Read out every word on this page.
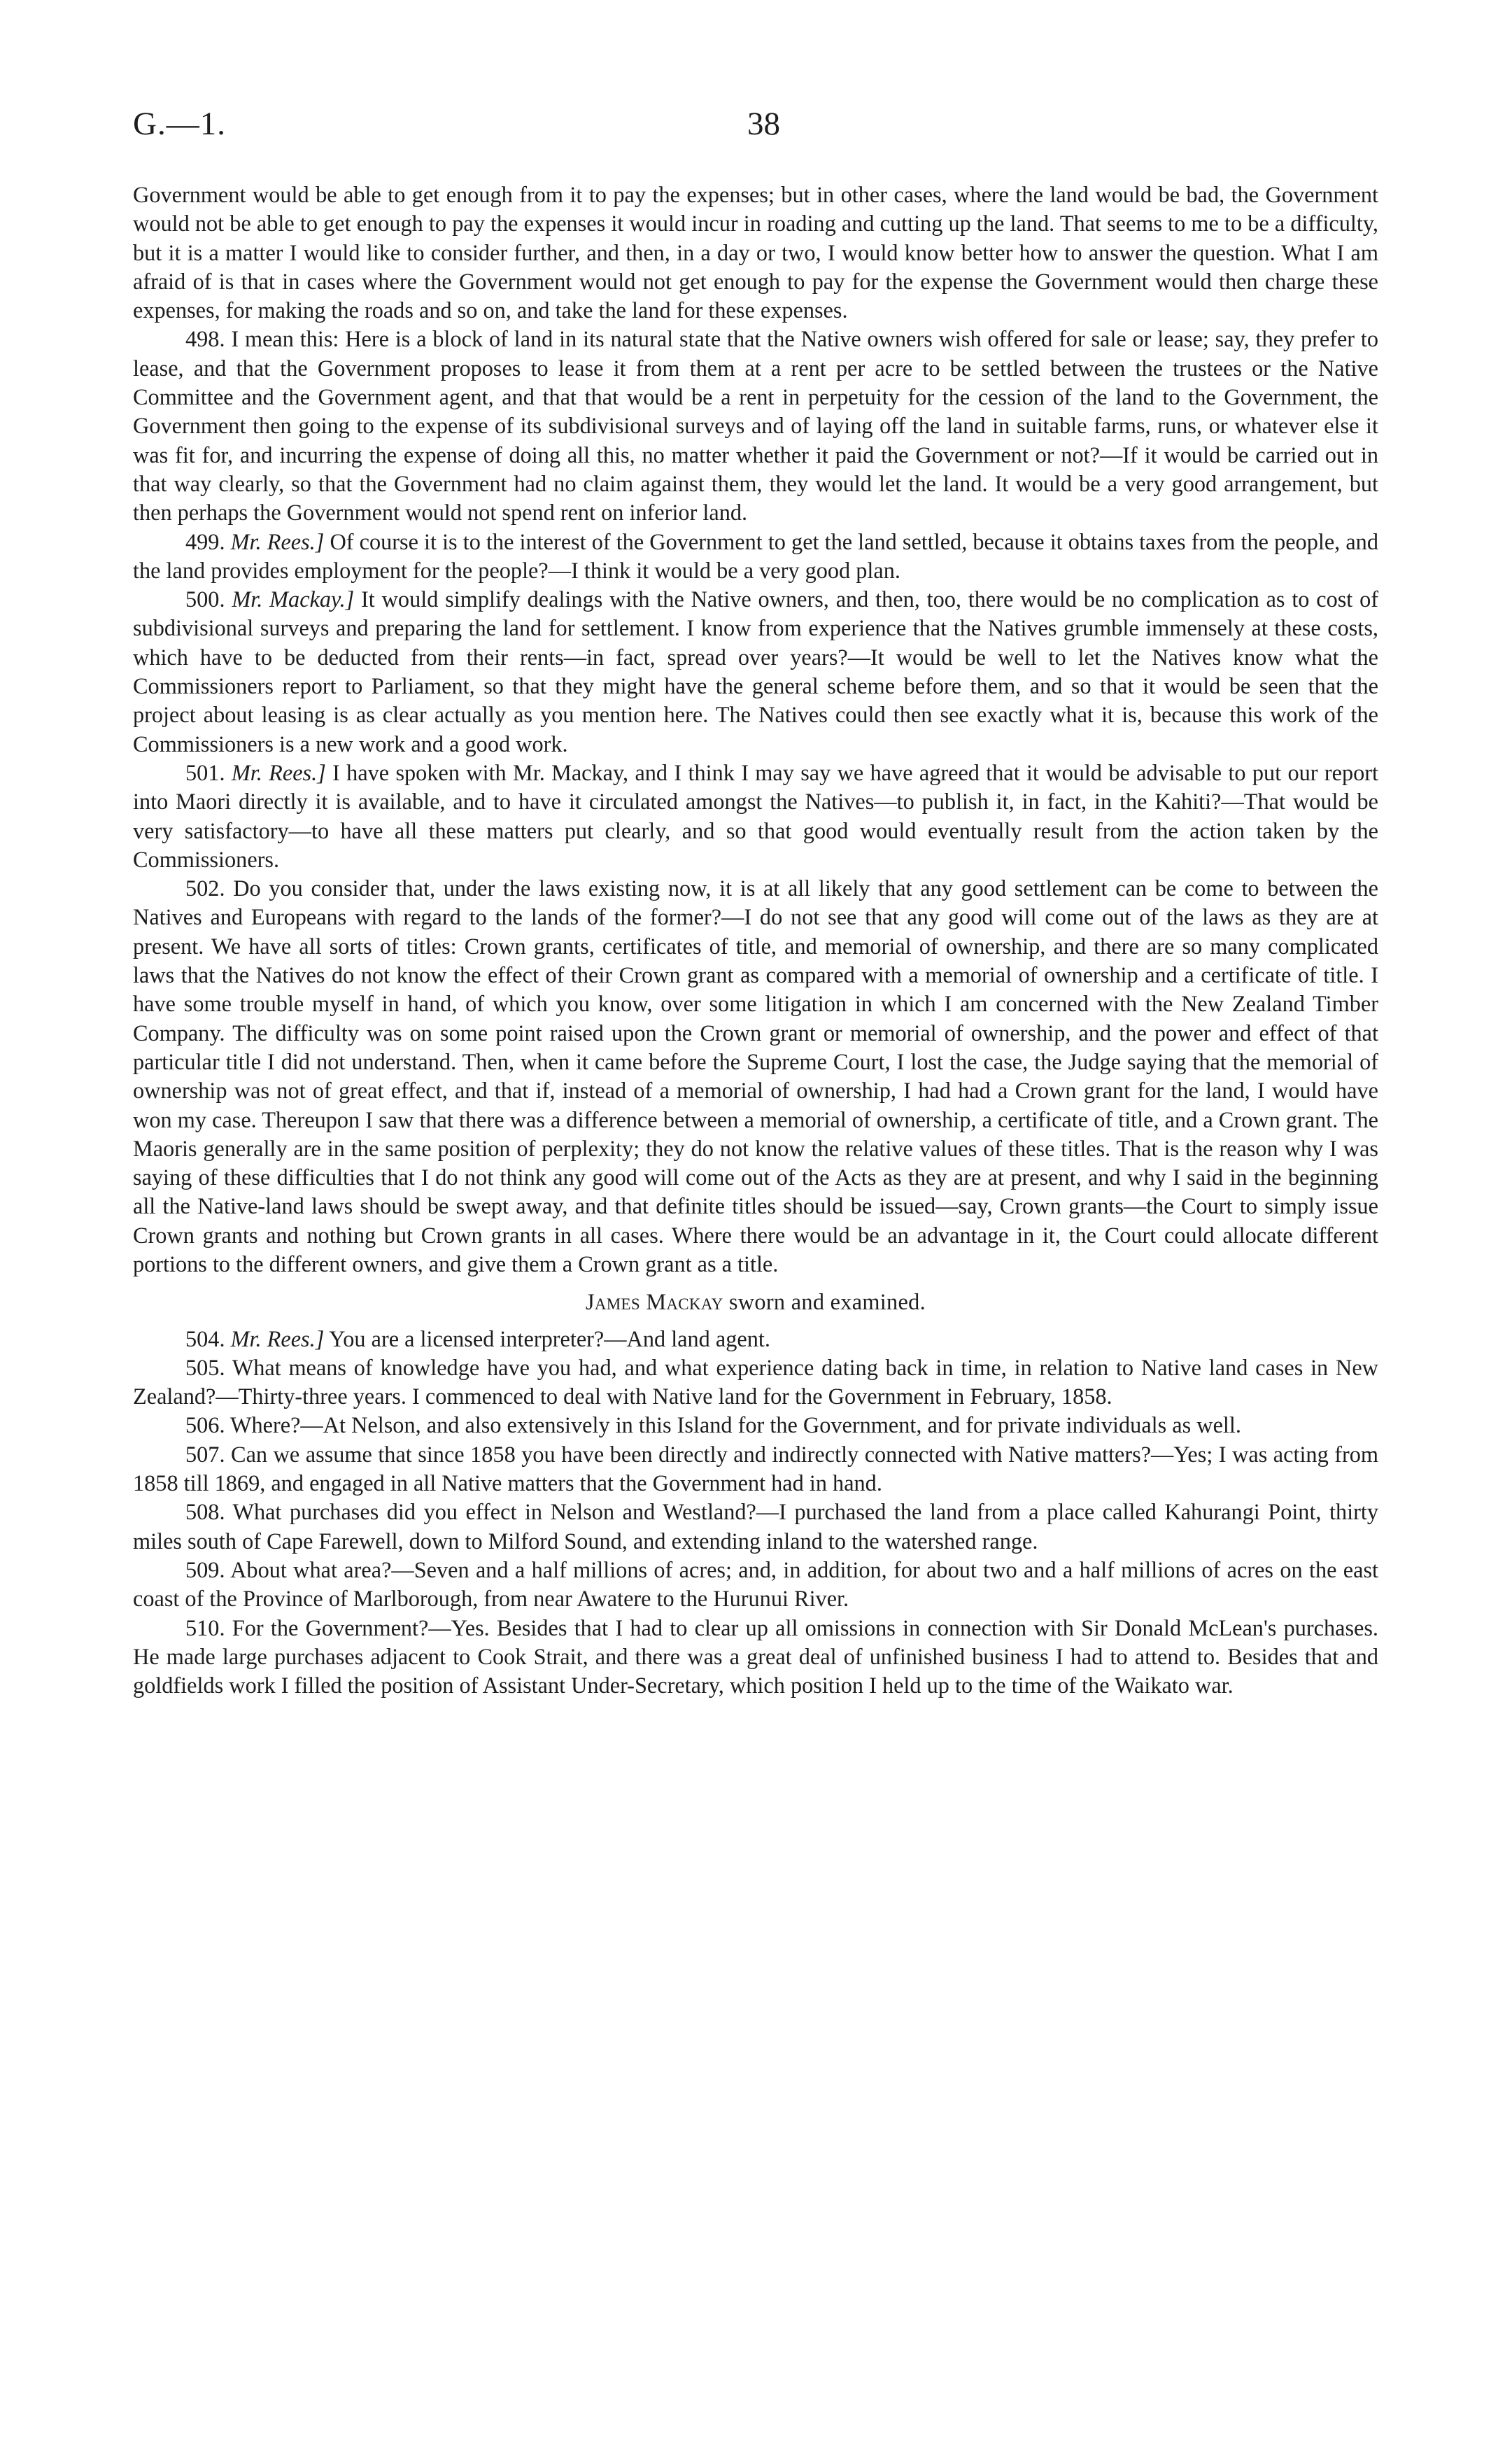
G.—1.	38

Government would be able to get enough from it to pay the expenses; but in other cases, where the land would be bad, the Government would not be able to get enough to pay the expenses it would incur in roading and cutting up the land. That seems to me to be a difficulty, but it is a matter I would like to consider further, and then, in a day or two, I would know better how to answer the question. What I am afraid of is that in cases where the Government would not get enough to pay for the expense the Government would then charge these expenses, for making the roads and so on, and take the land for these expenses.

498. I mean this: Here is a block of land in its natural state that the Native owners wish offered for sale or lease; say, they prefer to lease, and that the Government proposes to lease it from them at a rent per acre to be settled between the trustees or the Native Committee and the Government agent, and that that would be a rent in perpetuity for the cession of the land to the Government, the Government then going to the expense of its subdivisional surveys and of laying off the land in suitable farms, runs, or whatever else it was fit for, and incurring the expense of doing all this, no matter whether it paid the Government or not?—If it would be carried out in that way clearly, so that the Government had no claim against them, they would let the land. It would be a very good arrangement, but then perhaps the Government would not spend rent on inferior land.

499. Mr. Rees.] Of course it is to the interest of the Government to get the land settled, because it obtains taxes from the people, and the land provides employment for the people?—I think it would be a very good plan.

500. Mr. Mackay.] It would simplify dealings with the Native owners, and then, too, there would be no complication as to cost of subdivisional surveys and preparing the land for settlement. I know from experience that the Natives grumble immensely at these costs, which have to be deducted from their rents—in fact, spread over years?—It would be well to let the Natives know what the Commissioners report to Parliament, so that they might have the general scheme before them, and so that it would be seen that the project about leasing is as clear actually as you mention here. The Natives could then see exactly what it is, because this work of the Commissioners is a new work and a good work.

501. Mr. Rees.] I have spoken with Mr. Mackay, and I think I may say we have agreed that it would be advisable to put our report into Maori directly it is available, and to have it circulated amongst the Natives—to publish it, in fact, in the Kahiti?—That would be very satisfactory—to have all these matters put clearly, and so that good would eventually result from the action taken by the Commissioners.

502. Do you consider that, under the laws existing now, it is at all likely that any good settlement can be come to between the Natives and Europeans with regard to the lands of the former?—I do not see that any good will come out of the laws as they are at present. We have all sorts of titles: Crown grants, certificates of title, and memorial of ownership, and there are so many complicated laws that the Natives do not know the effect of their Crown grant as compared with a memorial of ownership and a certificate of title. I have some trouble myself in hand, of which you know, over some litigation in which I am concerned with the New Zealand Timber Company. The difficulty was on some point raised upon the Crown grant or memorial of ownership, and the power and effect of that particular title I did not understand. Then, when it came before the Supreme Court, I lost the case, the Judge saying that the memorial of ownership was not of great effect, and that if, instead of a memorial of ownership, I had had a Crown grant for the land, I would have won my case. Thereupon I saw that there was a difference between a memorial of ownership, a certificate of title, and a Crown grant. The Maoris generally are in the same position of perplexity; they do not know the relative values of these titles. That is the reason why I was saying of these difficulties that I do not think any good will come out of the Acts as they are at present, and why I said in the beginning all the Native-land laws should be swept away, and that definite titles should be issued—say, Crown grants—the Court to simply issue Crown grants and nothing but Crown grants in all cases. Where there would be an advantage in it, the Court could allocate different portions to the different owners, and give them a Crown grant as a title.

James Mackay sworn and examined.

504. Mr. Rees.] You are a licensed interpreter?—And land agent.

505. What means of knowledge have you had, and what experience dating back in time, in relation to Native land cases in New Zealand?—Thirty-three years. I commenced to deal with Native land for the Government in February, 1858.

506. Where?—At Nelson, and also extensively in this Island for the Government, and for private individuals as well.

507. Can we assume that since 1858 you have been directly and indirectly connected with Native matters?—Yes; I was acting from 1858 till 1869, and engaged in all Native matters that the Government had in hand.

508. What purchases did you effect in Nelson and Westland?—I purchased the land from a place called Kahurangi Point, thirty miles south of Cape Farewell, down to Milford Sound, and extending inland to the watershed range.

509. About what area?—Seven and a half millions of acres; and, in addition, for about two and a half millions of acres on the east coast of the Province of Marlborough, from near Awatere to the Hurunui River.

510. For the Government?—Yes. Besides that I had to clear up all omissions in connection with Sir Donald McLean's purchases. He made large purchases adjacent to Cook Strait, and there was a great deal of unfinished business I had to attend to. Besides that and goldfields work I filled the position of Assistant Under-Secretary, which position I held up to the time of the Waikato war.
